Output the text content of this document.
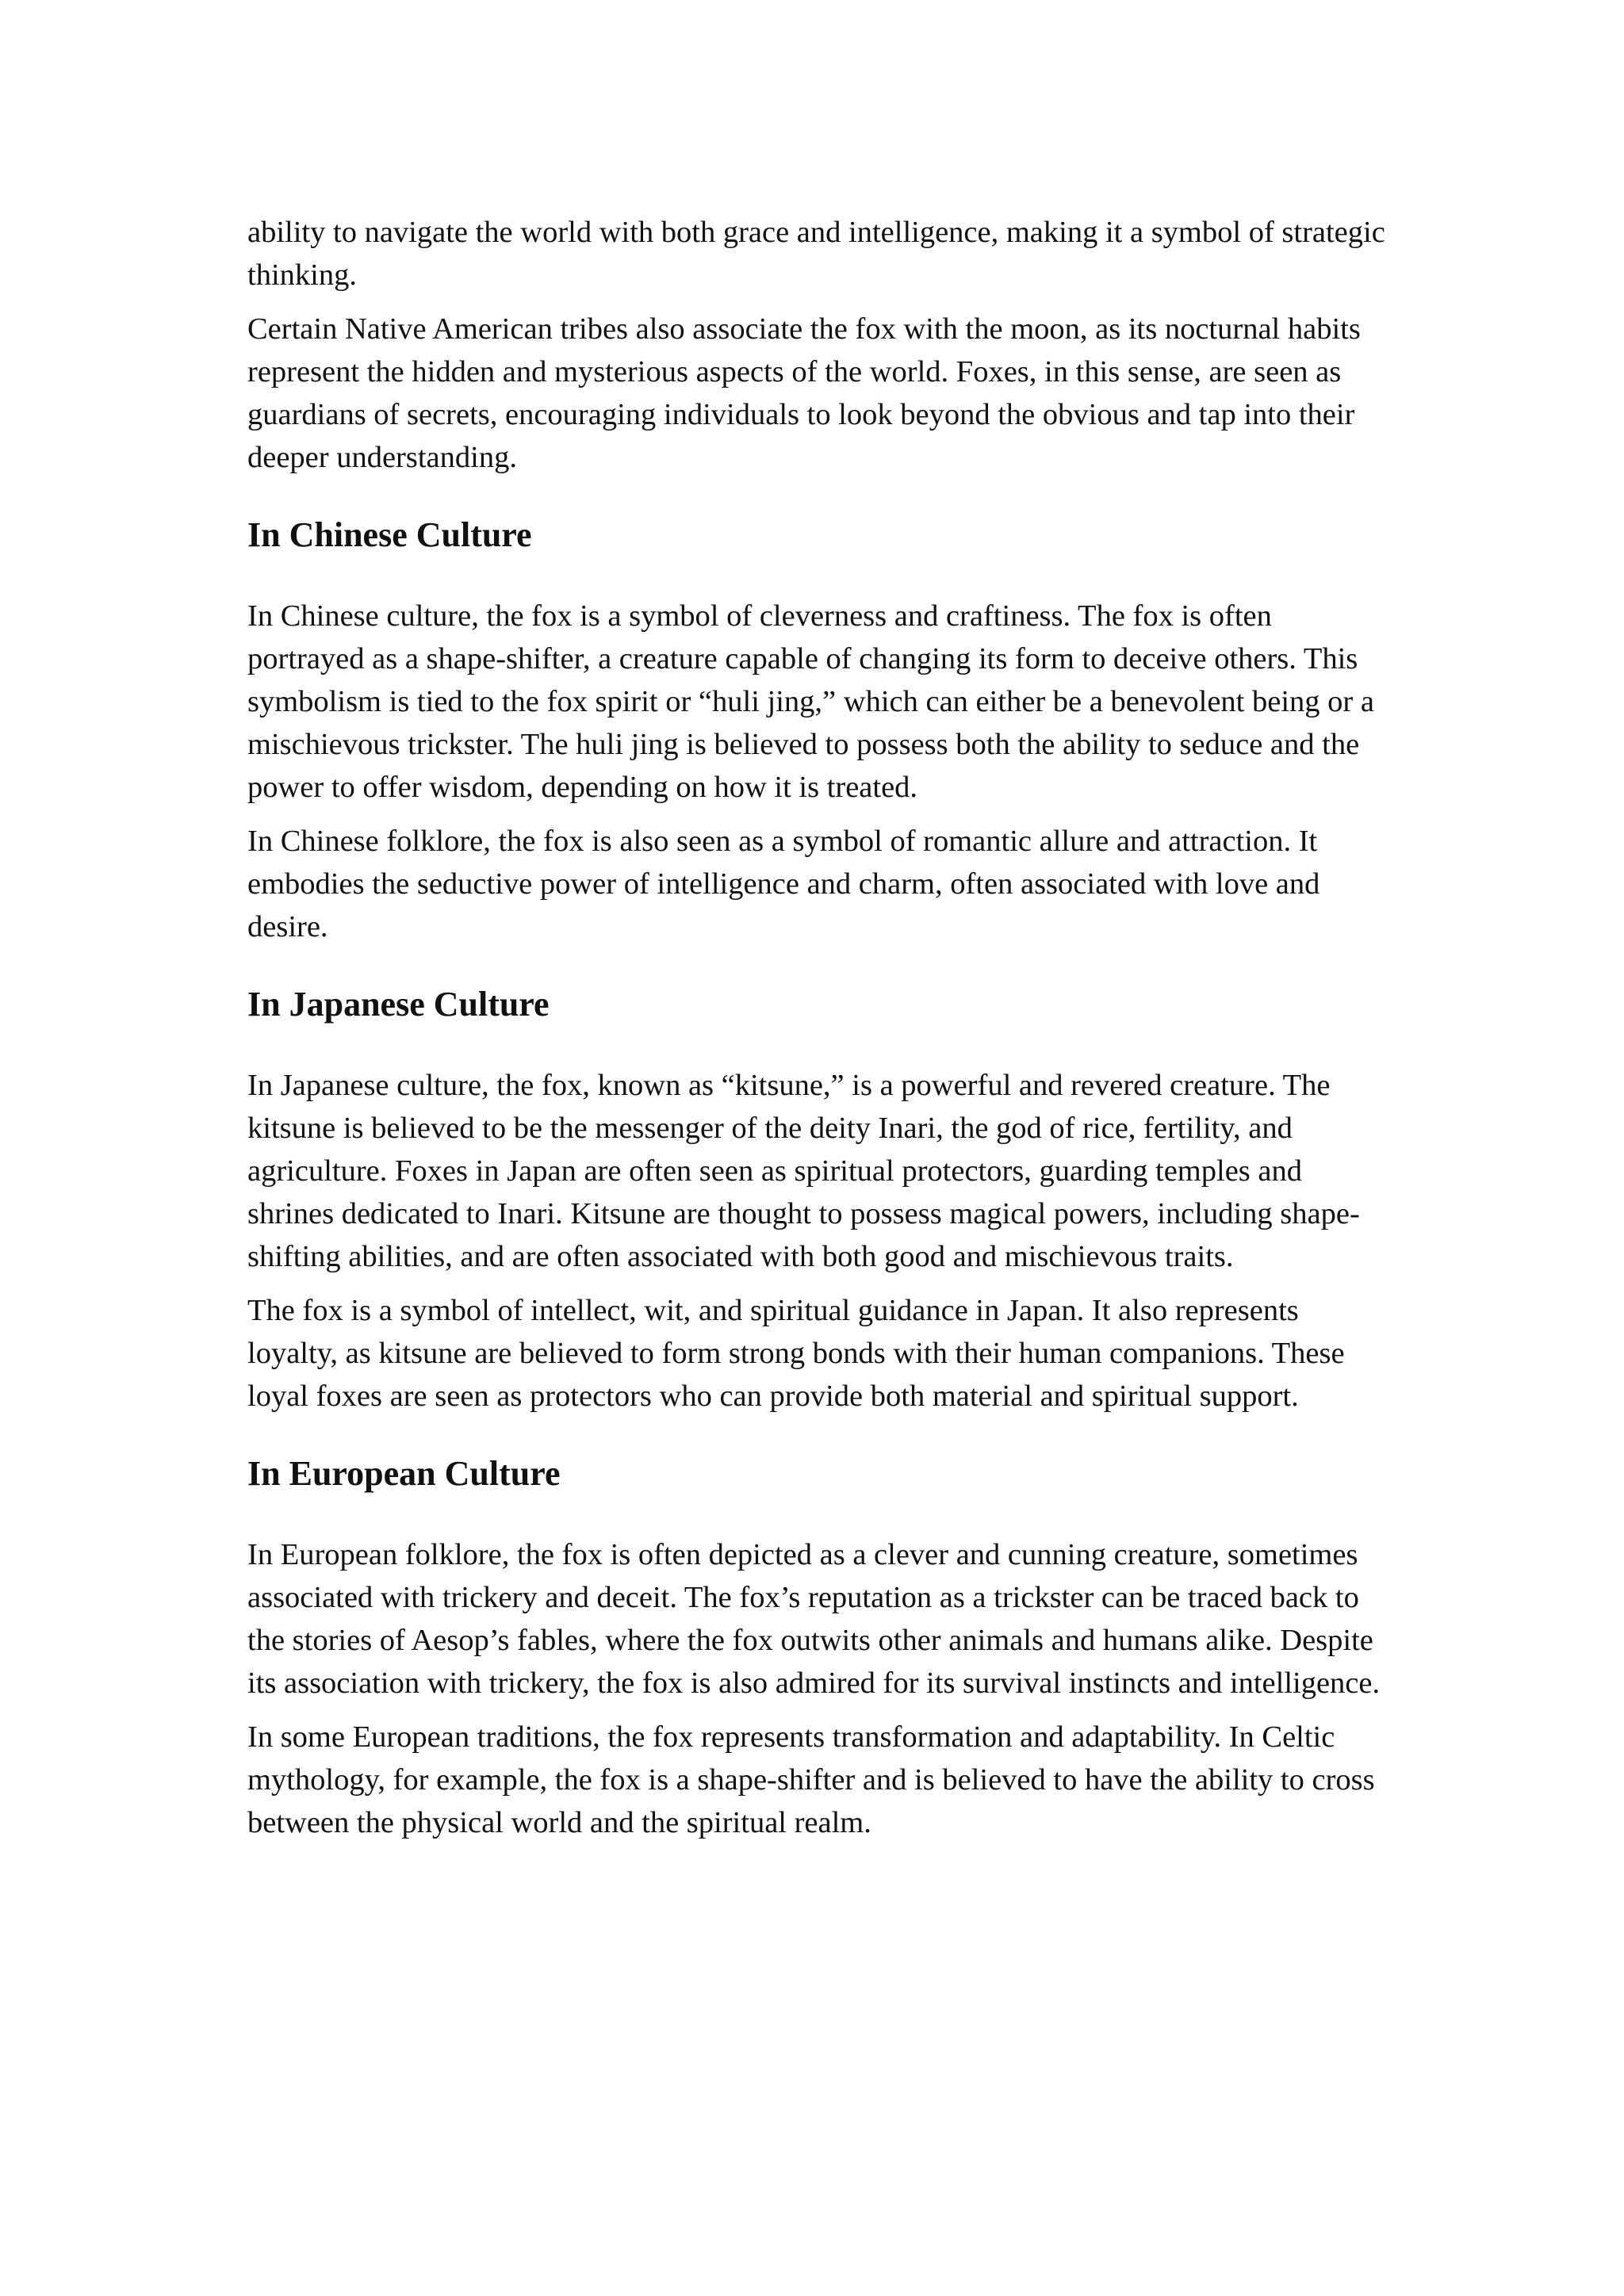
ability to navigate the world with both grace and intelligence, making it a symbol of strategic thinking.

Certain Native American tribes also associate the fox with the moon, as its nocturnal habits represent the hidden and mysterious aspects of the world. Foxes, in this sense, are seen as guardians of secrets, encouraging individuals to look beyond the obvious and tap into their deeper understanding.

In Chinese Culture

In Chinese culture, the fox is a symbol of cleverness and craftiness. The fox is often portrayed as a shape-shifter, a creature capable of changing its form to deceive others. This symbolism is tied to the fox spirit or “huli jing,” which can either be a benevolent being or a mischievous trickster. The huli jing is believed to possess both the ability to seduce and the power to offer wisdom, depending on how it is treated.

In Chinese folklore, the fox is also seen as a symbol of romantic allure and attraction. It embodies the seductive power of intelligence and charm, often associated with love and desire.

In Japanese Culture

In Japanese culture, the fox, known as “kitsune,” is a powerful and revered creature. The kitsune is believed to be the messenger of the deity Inari, the god of rice, fertility, and agriculture. Foxes in Japan are often seen as spiritual protectors, guarding temples and shrines dedicated to Inari. Kitsune are thought to possess magical powers, including shape-shifting abilities, and are often associated with both good and mischievous traits.

The fox is a symbol of intellect, wit, and spiritual guidance in Japan. It also represents loyalty, as kitsune are believed to form strong bonds with their human companions. These loyal foxes are seen as protectors who can provide both material and spiritual support.

In European Culture

In European folklore, the fox is often depicted as a clever and cunning creature, sometimes associated with trickery and deceit. The fox’s reputation as a trickster can be traced back to the stories of Aesop’s fables, where the fox outwits other animals and humans alike. Despite its association with trickery, the fox is also admired for its survival instincts and intelligence.

In some European traditions, the fox represents transformation and adaptability. In Celtic mythology, for example, the fox is a shape-shifter and is believed to have the ability to cross between the physical world and the spiritual realm.
